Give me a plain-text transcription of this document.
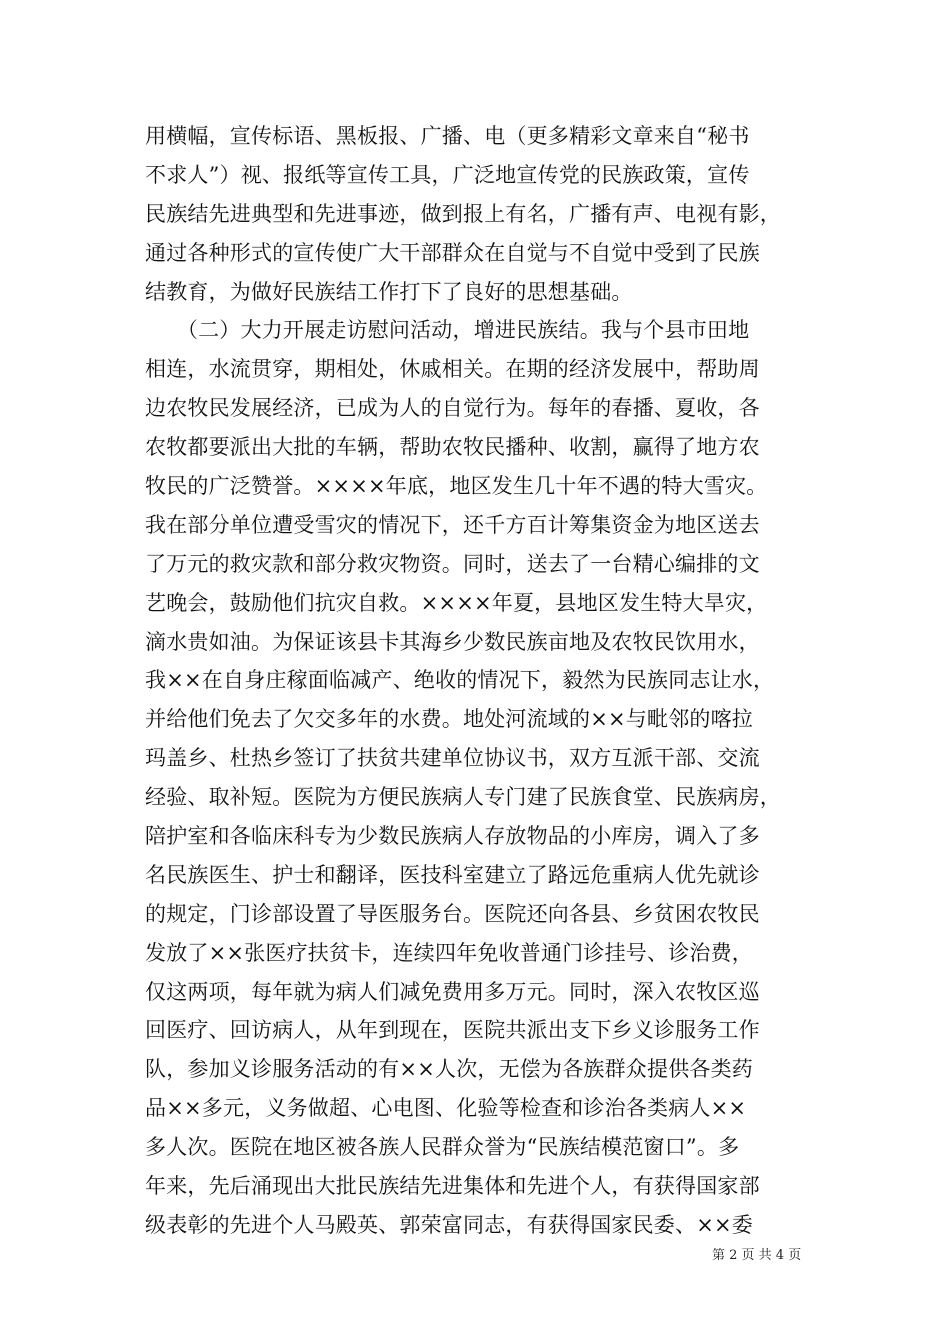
用横幅，宣传标语、黑板报、广播、电（更多精彩文章来自“秘书
不求人”）视、报纸等宣传工具，广泛地宣传党的民族政策，宣传
民族结先进典型和先进事迹，做到报上有名，广播有声、电视有影，
通过各种形式的宣传使广大干部群众在自觉与不自觉中受到了民族
结教育，为做好民族结工作打下了良好的思想基础。
　　（二）大力开展走访慰问活动，增进民族结。我与个县市田地
相连，水流贯穿，期相处，休戚相关。在期的经济发展中，帮助周
边农牧民发展经济，已成为人的自觉行为。每年的春播、夏收，各
农牧都要派出大批的车辆，帮助农牧民播种、收割，赢得了地方农
牧民的广泛赞誉。××××年底，地区发生几十年不遇的特大雪灾。
我在部分单位遭受雪灾的情况下，还千方百计筹集资金为地区送去
了万元的救灾款和部分救灾物资。同时，送去了一台精心编排的文
艺晚会，鼓励他们抗灾自救。××××年夏，县地区发生特大旱灾，
滴水贵如油。为保证该县卡其海乡少数民族亩地及农牧民饮用水，
我××在自身庄稼面临减产、绝收的情况下，毅然为民族同志让水，
并给他们免去了欠交多年的水费。地处河流域的××与毗邻的喀拉
玛盖乡、杜热乡签订了扶贫共建单位协议书，双方互派干部、交流
经验、取补短。医院为方便民族病人专门建了民族食堂、民族病房，
陪护室和各临床科专为少数民族病人存放物品的小库房，调入了多
名民族医生、护士和翻译，医技科室建立了路远危重病人优先就诊
的规定，门诊部设置了导医服务台。医院还向各县、乡贫困农牧民
发放了××张医疗扶贫卡，连续四年免收普通门诊挂号、诊治费，
仅这两项，每年就为病人们减免费用多万元。同时，深入农牧区巡
回医疗、回访病人，从年到现在，医院共派出支下乡义诊服务工作
队，参加义诊服务活动的有××人次，无偿为各族群众提供各类药
品××多元，义务做超、心电图、化验等检查和诊治各类病人××
多人次。医院在地区被各族人民群众誉为“民族结模范窗口”。多
年来，先后涌现出大批民族结先进集体和先进个人，有获得国家部
级表彰的先进个人马殿英、郭荣富同志，有获得国家民委、××委
第 2 页 共 4 页
